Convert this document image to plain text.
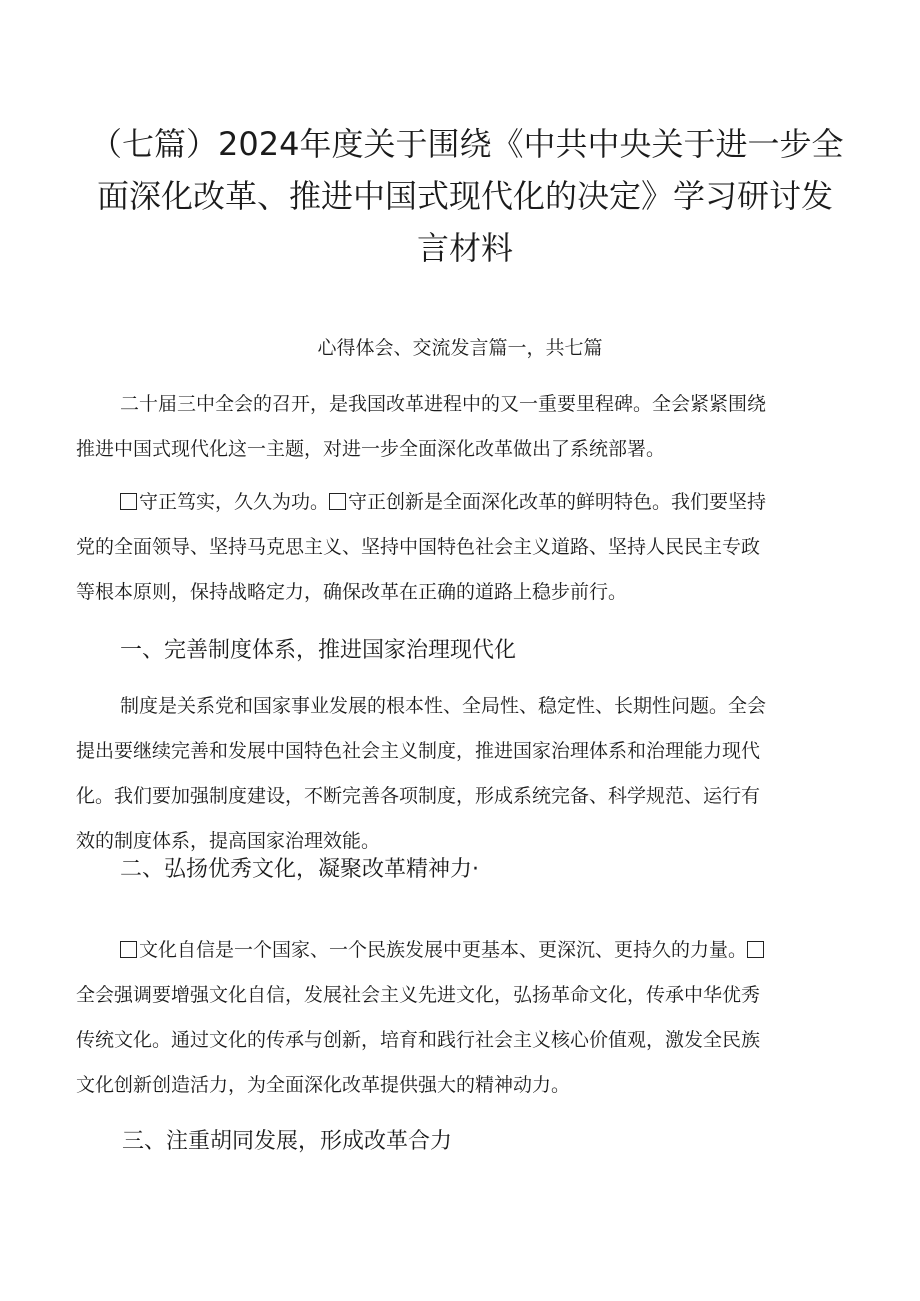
（七篇）2024年度关于围绕《中共中央关于进一步全
面深化改革、推进中国式现代化的决定》学习研讨发
言材料
心得体会、交流发言篇一，共七篇
二十届三中全会的召开，是我国改革进程中的又一重要里程碑。全会紧紧围绕
推进中国式现代化这一主题，对进一步全面深化改革做出了系统部署。
守正笃实，久久为功。 守正创新是全面深化改革的鲜明特色。我们要坚持
党的全面领导、坚持马克思主义、坚持中国特色社会主义道路、坚持人民民主专政
等根本原则，保持战略定力，确保改革在正确的道路上稳步前行。
一、完善制度体系，推进国家治理现代化
制度是关系党和国家事业发展的根本性、全局性、稳定性、长期性问题。全会
提出要继续完善和发展中国特色社会主义制度，推进国家治理体系和治理能力现代
化。我们要加强制度建设，不断完善各项制度，形成系统完备、科学规范、运行有
效的制度体系，提高国家治理效能。
二、弘扬优秀文化，凝聚改革精神力·
文化自信是一个国家、一个民族发展中更基本、更深沉、更持久的力量。
全会强调要增强文化自信，发展社会主义先进文化，弘扬革命文化，传承中华优秀
传统文化。通过文化的传承与创新，培育和践行社会主义核心价值观，激发全民族
文化创新创造活力，为全面深化改革提供强大的精神动力。
三、注重胡同发展，形成改革合力
